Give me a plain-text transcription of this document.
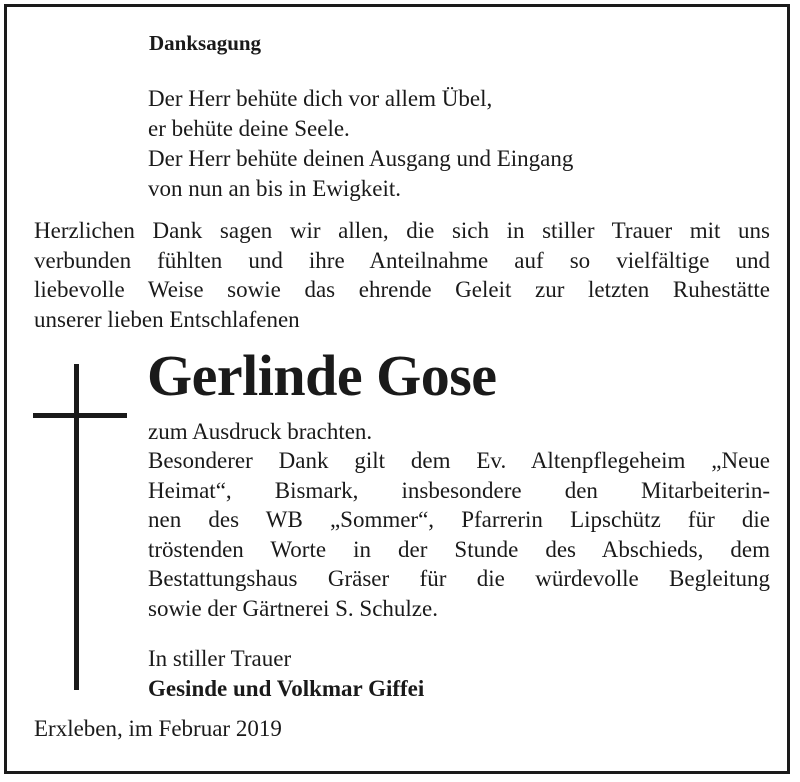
Danksagung
Der Herr behüte dich vor allem Übel,
er behüte deine Seele.
Der Herr behüte deinen Ausgang und Eingang
von nun an bis in Ewigkeit.
Herzlichen Dank sagen wir allen, die sich in stiller Trauer mit uns
verbunden fühlten und ihre Anteilnahme auf so vielfältige und
liebevolle Weise sowie das ehrende Geleit zur letzten Ruhestätte
unserer lieben Entschlafenen
Gerlinde Gose
zum Ausdruck brachten.
Besonderer Dank gilt dem Ev. Altenpflegeheim „Neue
Heimat“, Bismark, insbesondere den Mitarbeiterin-
nen des WB „Sommer“, Pfarrerin Lipschütz für die
tröstenden Worte in der Stunde des Abschieds, dem
Bestattungshaus Gräser für die würdevolle Begleitung
sowie der Gärtnerei S. Schulze.
In stiller Trauer
Gesinde und Volkmar Giffei
Erxleben, im Februar 2019
